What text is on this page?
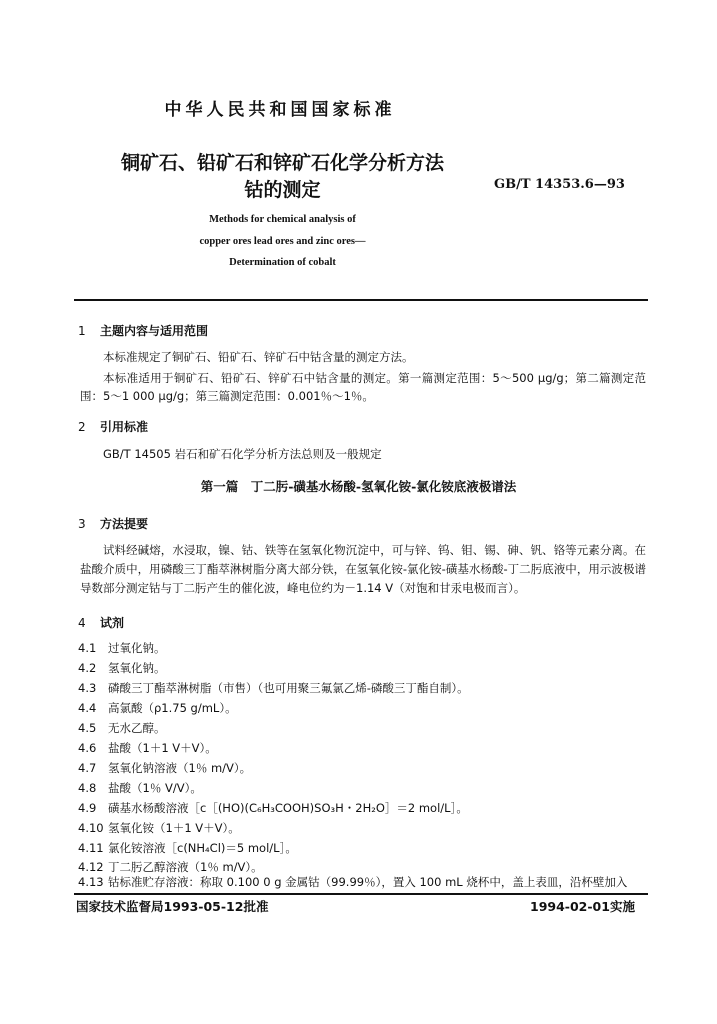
中华人民共和国国家标准
铜矿石、铅矿石和锌矿石化学分析方法
钴的测定	GB/T 14353.6—93
Methods for chemical analysis of
copper ores lead ores and zinc ores—
Determination of cobalt
1 主题内容与适用范围
本标准规定了铜矿石、铅矿石、锌矿石中钴含量的测定方法。
本标准适用于铜矿石、铅矿石、锌矿石中钴含量的测定。第一篇测定范围：5～500 μg/g；第二篇测定范围：5～1 000 μg/g；第三篇测定范围：0.001％～1％。
2 引用标准
GB/T 14505 岩石和矿石化学分析方法总则及一般规定
第一篇　丁二肟-磺基水杨酸-氢氧化铵-氯化铵底液极谱法
3 方法提要
试料经碱熔，水浸取，镍、钴、铁等在氢氧化物沉淀中，可与锌、钨、钼、锡、砷、钒、铬等元素分离。在盐酸介质中，用磷酸三丁酯萃淋树脂分离大部分铁，在氢氧化铵-氯化铵-磺基水杨酸-丁二肟底液中，用示波极谱导数部分测定钴与丁二肟产生的催化波，峰电位约为－1.14 V（对饱和甘汞电极而言）。
4 试剂
4.1 过氧化钠。
4.2 氢氧化钠。
4.3 磷酸三丁酯萃淋树脂（市售）（也可用聚三氟氯乙烯-磷酸三丁酯自制）。
4.4 高氯酸（ρ1.75 g/mL）。
4.5 无水乙醇。
4.6 盐酸（1＋1 V＋V）。
4.7 氢氧化钠溶液（1％ m/V）。
4.8 盐酸（1％ V/V）。
4.9 磺基水杨酸溶液［c［(HO)(C₆H₃COOH)SO₃H・2H₂O］＝2 mol/L］。
4.10 氢氧化铵（1＋1 V＋V）。
4.11 氯化铵溶液［c(NH₄Cl)＝5 mol/L］。
4.12 丁二肟乙醇溶液（1％ m/V）。
4.13 钴标准贮存溶液：称取 0.100 0 g 金属钴（99.99％），置入 100 mL 烧杯中，盖上表皿，沿杯壁加入
国家技术监督局1993-05-12批准	1994-02-01实施
